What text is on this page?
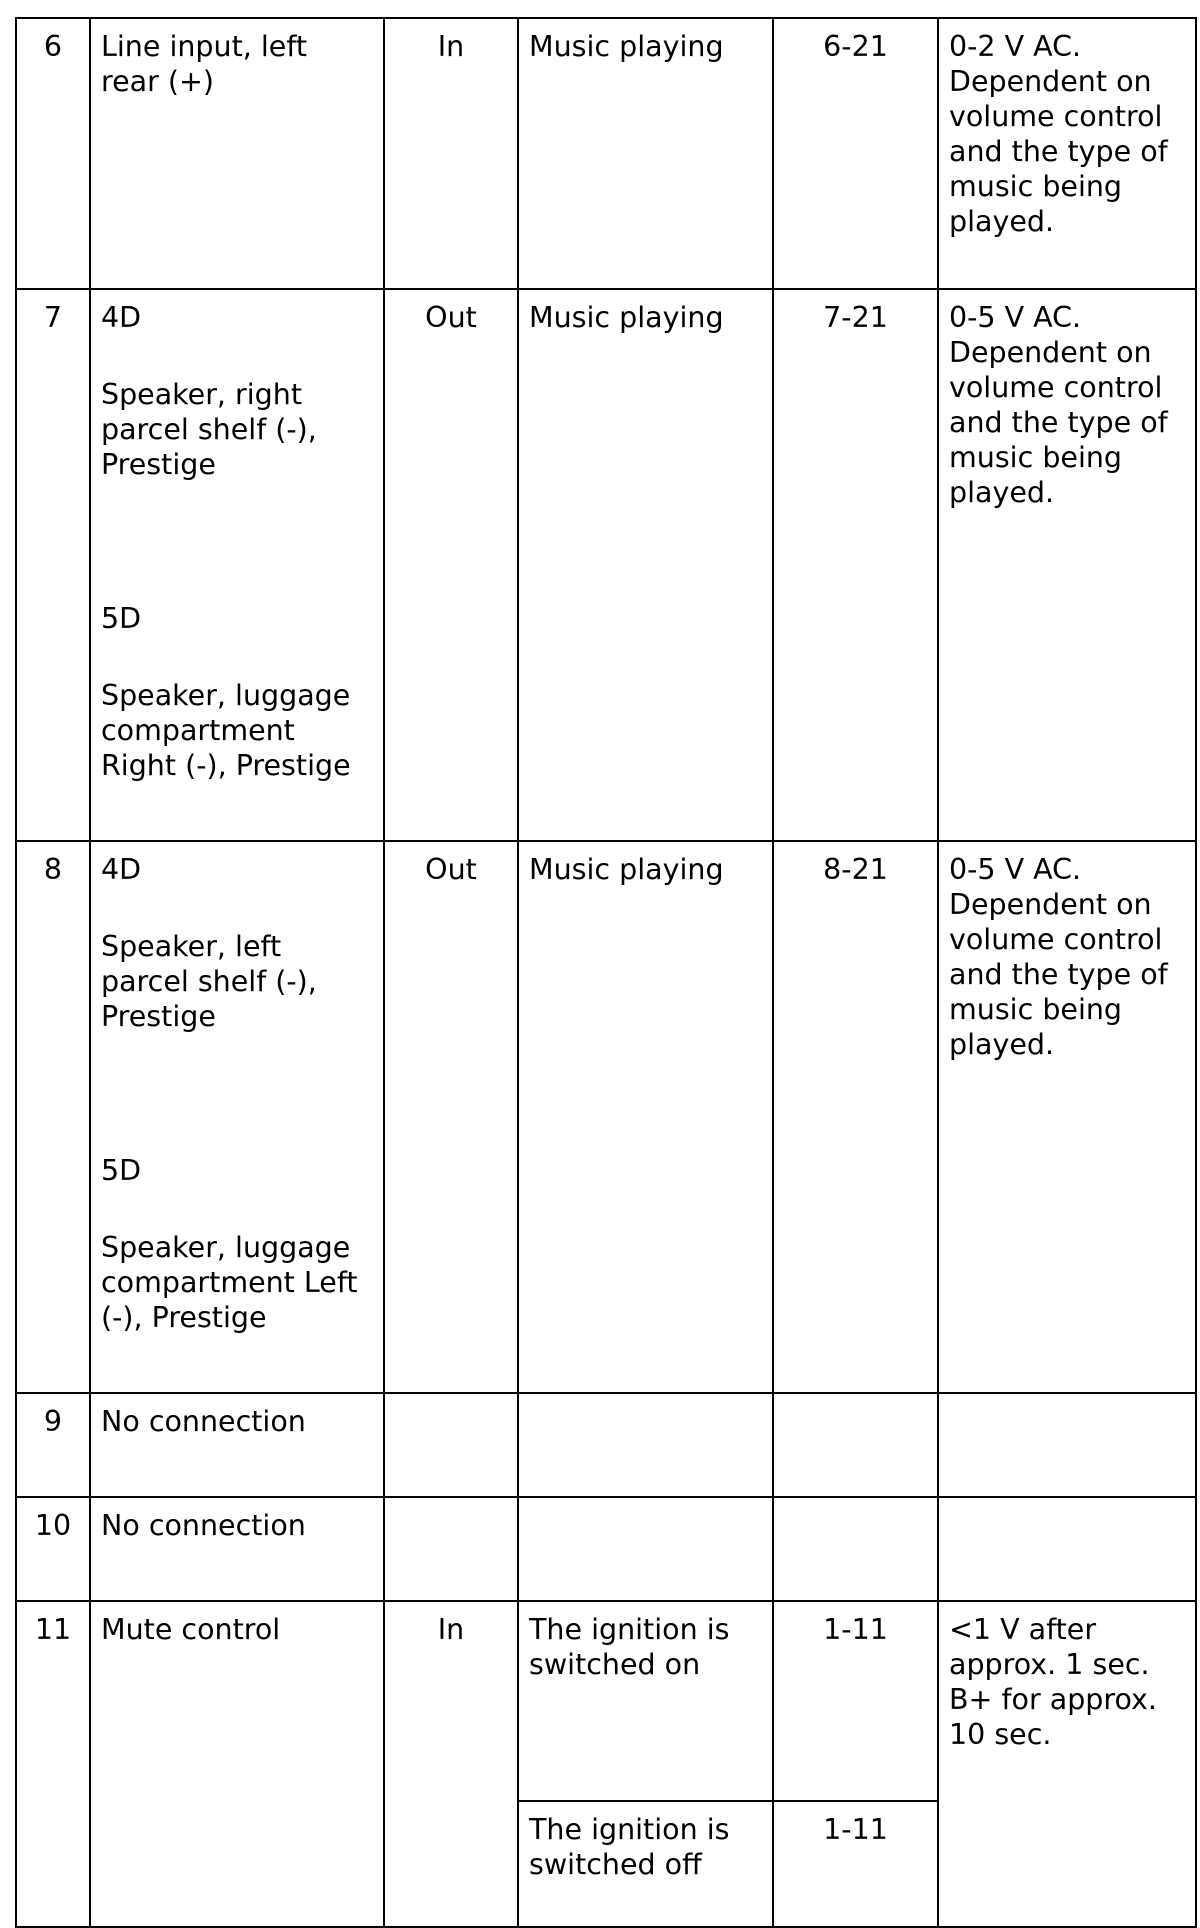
6	Line input, left rear (+)	In	Music playing	6-21	0-2 V AC. Dependent on volume control and the type of music being played.
7	4D
Speaker, right parcel shelf (-), Prestige
5D
Speaker, luggage compartment Right (-), Prestige	Out	Music playing	7-21	0-5 V AC. Dependent on volume control and the type of music being played.
8	4D
Speaker, left parcel shelf (-), Prestige
5D
Speaker, luggage compartment Left (-), Prestige	Out	Music playing	8-21	0-5 V AC. Dependent on volume control and the type of music being played.
9	No connection				
10	No connection				
11	Mute control	In	The ignition is switched on	1-11	<1 V after approx. 1 sec. B+ for approx. 10 sec.
			The ignition is switched off	1-11	
